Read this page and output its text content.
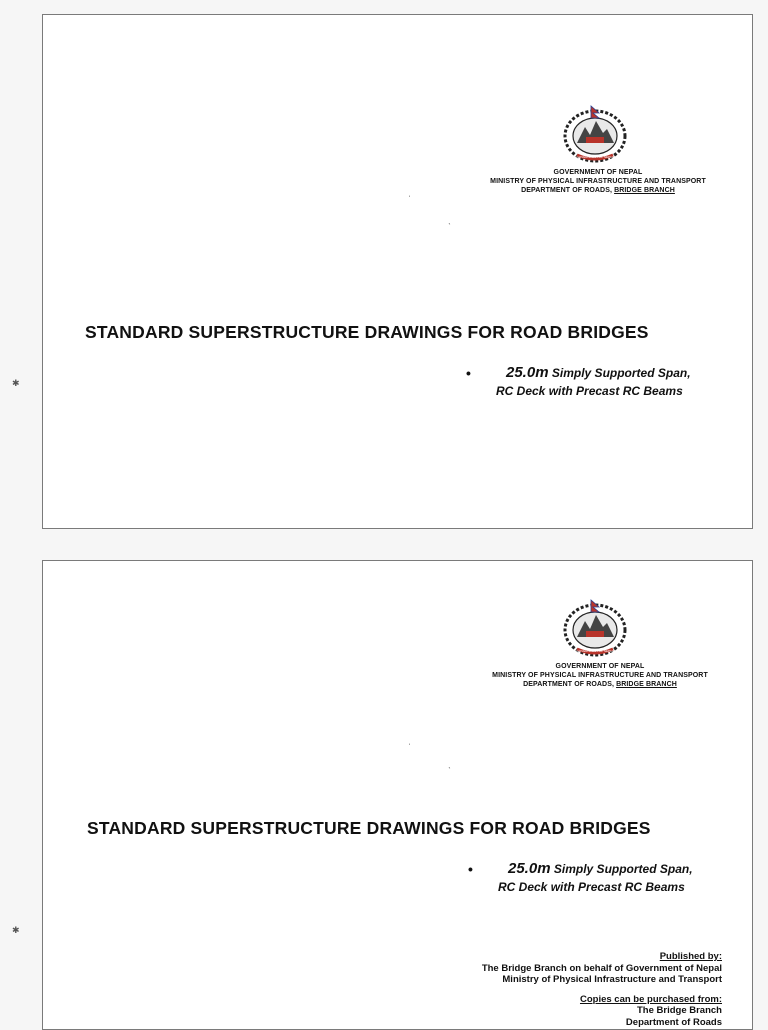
GOVERNMENT OF NEPAL
GOVERNMENT OF NEPAL
MINISTRY OF PHYSICAL INFRASTRUCTURE AND TRANSPORT
DEPARTMENT OF ROADS, BRIDGE BRANCH
STANDARD SUPERSTRUCTURE DRAWINGS FOR ROAD BRIDGES
• 25.0m Simply Supported Span,
RC Deck with Precast RC Beams
GOVERNMENT OF NEPAL
GOVERNMENT OF NEPAL
MINISTRY OF PHYSICAL INFRASTRUCTURE AND TRANSPORT
DEPARTMENT OF ROADS, BRIDGE BRANCH
STANDARD SUPERSTRUCTURE DRAWINGS FOR ROAD BRIDGES
• 25.0m Simply Supported Span,
RC Deck with Precast RC Beams
Published by:
The Bridge Branch on behalf of Government of Nepal
Ministry of Physical Infrastructure and Transport
Copies can be purchased from:
The Bridge Branch
Department of Roads
ˌ
ˋ
✱
ˌ
ˋ
✱
